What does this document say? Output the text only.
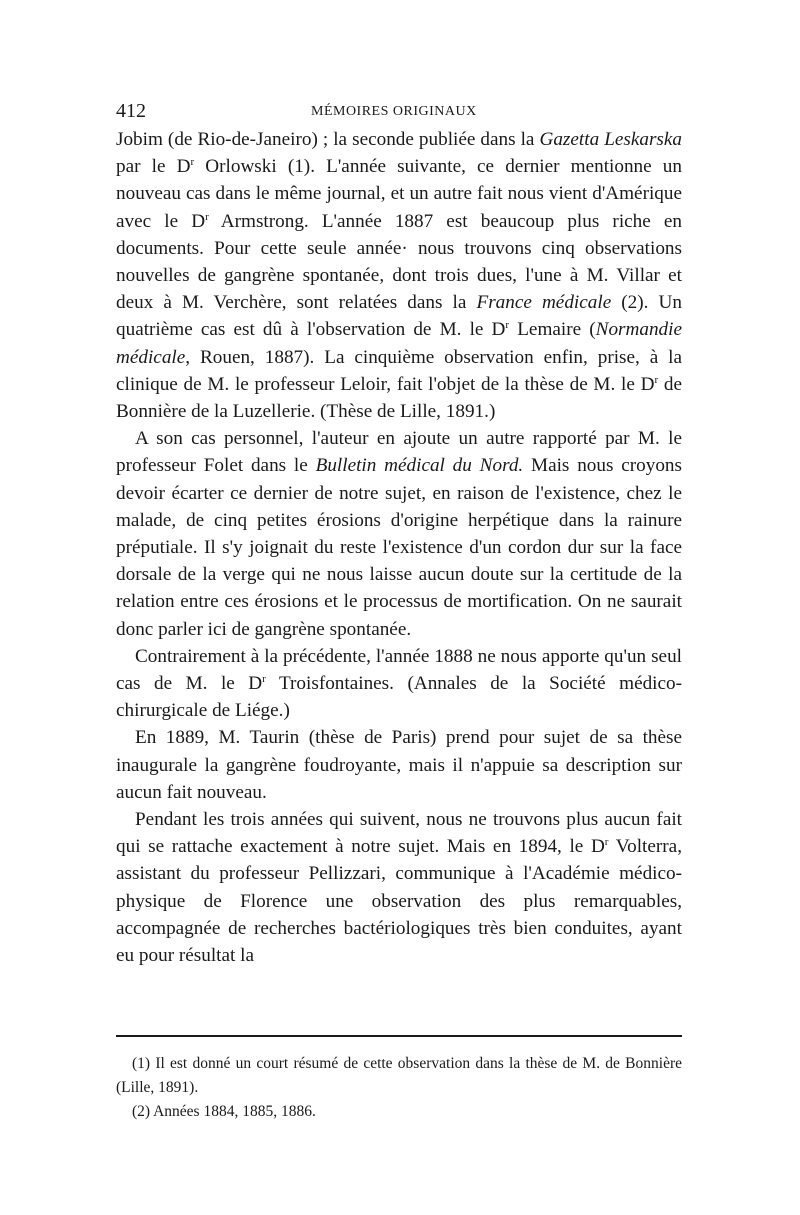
412	MÉMOIRES ORIGINAUX

Jobim (de Rio-de-Janeiro) ; la seconde publiée dans la Gazetta Leskarska par le $D^r$ Orlowski (1). L'année suivante, ce dernier mentionne un nouveau cas dans le même journal, et un autre fait nous vient d'Amérique avec le $D^r$ Armstrong. L'année 1887 est beaucoup plus riche en documents. Pour cette seule année· nous trouvons cinq observations nouvelles de gangrène spontanée, dont trois dues, l'une à M. Villar et deux à M. Verchère, sont relatées dans la France médicale (2). Un quatrième cas est dû à l'observation de M. le $D^r$ Lemaire (Normandie médicale, Rouen, 1887). La cinquième observation enfin, prise, à la clinique de M. le professeur Leloir, fait l'objet de la thèse de M. le $D^r$ de Bonnière de la Luzellerie. (Thèse de Lille, 1891.)

A son cas personnel, l'auteur en ajoute un autre rapporté par M. le professeur Folet dans le Bulletin médical du Nord. Mais nous croyons devoir écarter ce dernier de notre sujet, en raison de l'existence, chez le malade, de cinq petites érosions d'origine herpétique dans la rainure préputiale. Il s'y joignait du reste l'existence d'un cordon dur sur la face dorsale de la verge qui ne nous laisse aucun doute sur la certitude de la relation entre ces érosions et le processus de mortification. On ne saurait donc parler ici de gangrène spontanée.

Contrairement à la précédente, l'année 1888 ne nous apporte qu'un seul cas de M. le $D^r$ Troisfontaines. (Annales de la Société médico-chirurgicale de Liége.)

En 1889, M. Taurin (thèse de Paris) prend pour sujet de sa thèse inaugurale la gangrène foudroyante, mais il n'appuie sa description sur aucun fait nouveau.

Pendant les trois années qui suivent, nous ne trouvons plus aucun fait qui se rattache exactement à notre sujet. Mais en 1894, le $D^r$ Volterra, assistant du professeur Pellizzari, communique à l'Académie médico-physique de Florence une observation des plus remarquables, accompagnée de recherches bactériologiques très bien conduites, ayant eu pour résultat la

(1) Il est donné un court résumé de cette observation dans la thèse de M. de Bonnière (Lille, 1891).

(2) Années 1884, 1885, 1886.
